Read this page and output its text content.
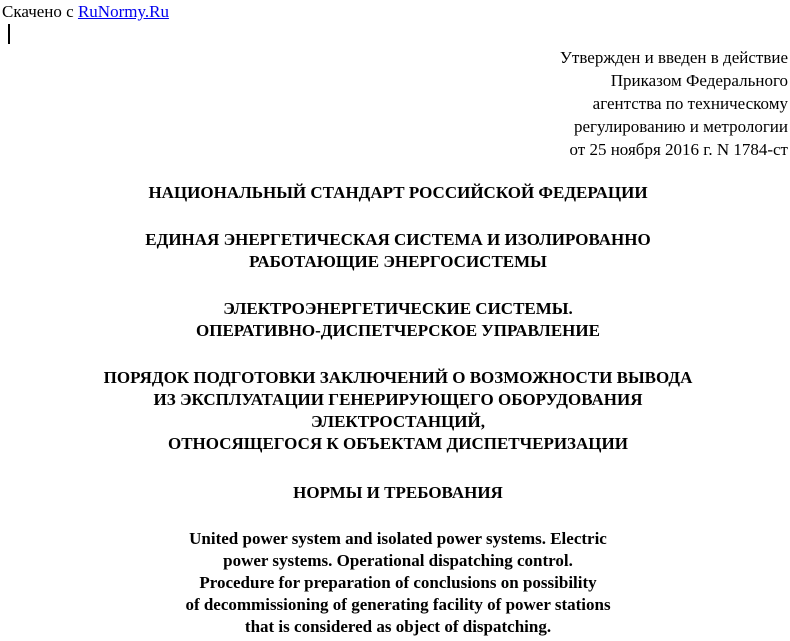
Скачено с RuNormy.Ru
Утвержден и введен в действие
Приказом Федерального
агентства по техническому
регулированию и метрологии
от 25 ноября 2016 г. N 1784-ст
НАЦИОНАЛЬНЫЙ СТАНДАРТ РОССИЙСКОЙ ФЕДЕРАЦИИ
ЕДИНАЯ ЭНЕРГЕТИЧЕСКАЯ СИСТЕМА И ИЗОЛИРОВАННО
РАБОТАЮЩИЕ ЭНЕРГОСИСТЕМЫ
ЭЛЕКТРОЭНЕРГЕТИЧЕСКИЕ СИСТЕМЫ.
ОПЕРАТИВНО-ДИСПЕТЧЕРСКОЕ УПРАВЛЕНИЕ
ПОРЯДОК ПОДГОТОВКИ ЗАКЛЮЧЕНИЙ О ВОЗМОЖНОСТИ ВЫВОДА
ИЗ ЭКСПЛУАТАЦИИ ГЕНЕРИРУЮЩЕГО ОБОРУДОВАНИЯ
ЭЛЕКТРОСТАНЦИЙ,
ОТНОСЯЩЕГОСЯ К ОБЪЕКТАМ ДИСПЕТЧЕРИЗАЦИИ
НОРМЫ И ТРЕБОВАНИЯ
United power system and isolated power systems. Electric
power systems. Operational dispatching control.
Procedure for preparation of conclusions on possibility
of decommissioning of generating facility of power stations
that is considered as object of dispatching.
